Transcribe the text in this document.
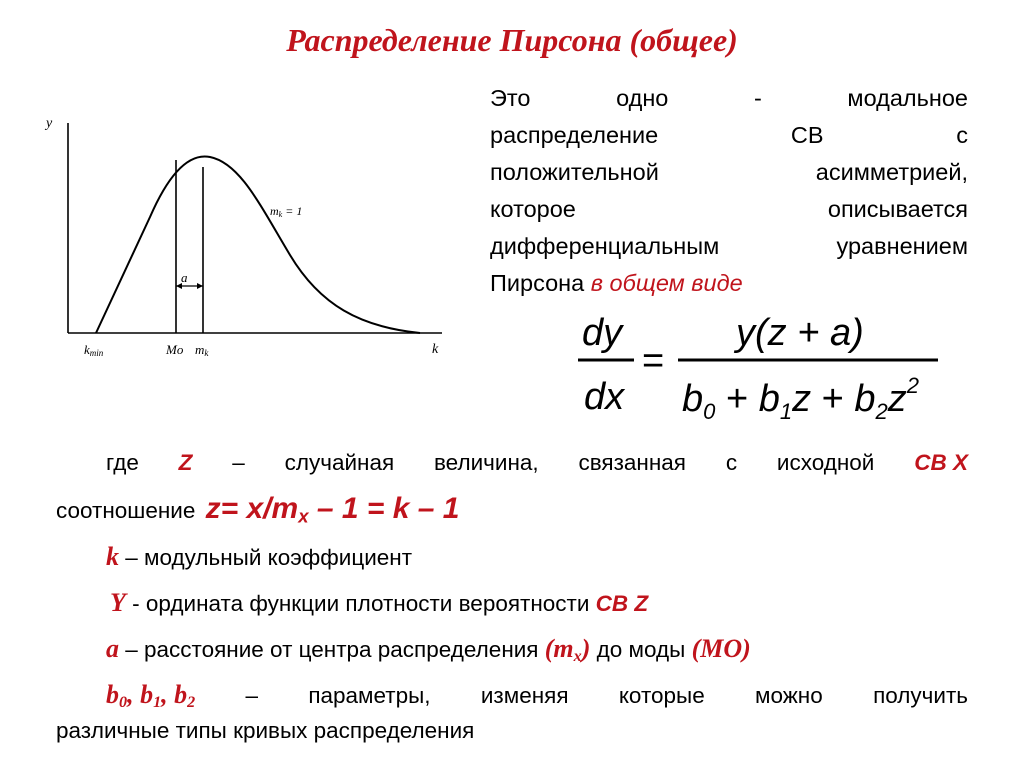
Распределение Пирсона (общее)
Это	одно	-	модальное
распределение	СВ	с
положительной	асимметрией,
которое	описывается
дифференциальным	уравнением
Пирсона в общем виде
a
y
k
kmin	Mo mk
mk = 1
dy
dx
=
y(z + a)
$b_0 + b_1z + b_2z^2$
где Z – случайная величина, связанная с исходной СВ X
соотношение $z= x/m_x - 1 = k - 1$
k – модульный коэффициент
Y - ордината функции плотности вероятности СВ Z
a – расстояние от центра распределения $(m_x)$ до моды (МО)
$b_0$, $b_1$, $b_2$ – параметры, изменяя которые можно получить
различные типы кривых распределения
